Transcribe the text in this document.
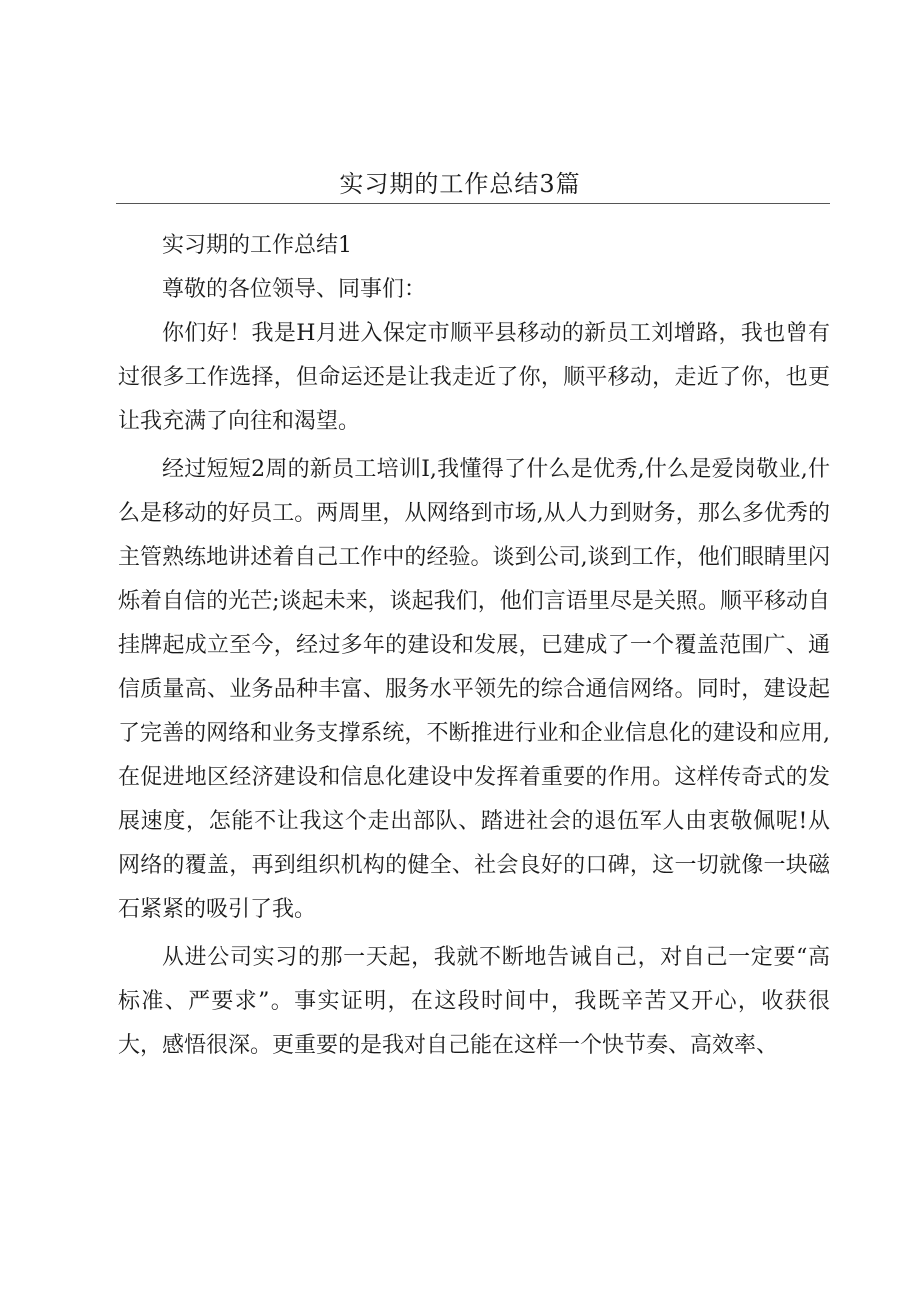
实习期的工作总结3篇

实习期的工作总结1

尊敬的各位领导、同事们：

你们好！我是H月进入保定市顺平县移动的新员工刘增路，我也曾有过很多工作选择，但命运还是让我走近了你，顺平移动，走近了你，也更让我充满了向往和渴望。

经过短短2周的新员工培训I,我懂得了什么是优秀,什么是爱岗敬业,什么是移动的好员工。两周里，从网络到市场,从人力到财务，那么多优秀的主管熟练地讲述着自己工作中的经验。谈到公司,谈到工作，他们眼睛里闪烁着自信的光芒;谈起未来，谈起我们，他们言语里尽是关照。顺平移动自挂牌起成立至今，经过多年的建设和发展，已建成了一个覆盖范围广、通信质量高、业务品种丰富、服务水平领先的综合通信网络。同时，建设起了完善的网络和业务支撑系统，不断推进行业和企业信息化的建设和应用,在促进地区经济建设和信息化建设中发挥着重要的作用。这样传奇式的发展速度，怎能不让我这个走出部队、踏进社会的退伍军人由衷敬佩呢!从网络的覆盖，再到组织机构的健全、社会良好的口碑，这一切就像一块磁石紧紧的吸引了我。

从进公司实习的那一天起，我就不断地告诫自己，对自己一定要“高标准、严要求”。事实证明，在这段时间中，我既辛苦又开心，收获很大，感悟很深。更重要的是我对自己能在这样一个快节奏、高效率、
